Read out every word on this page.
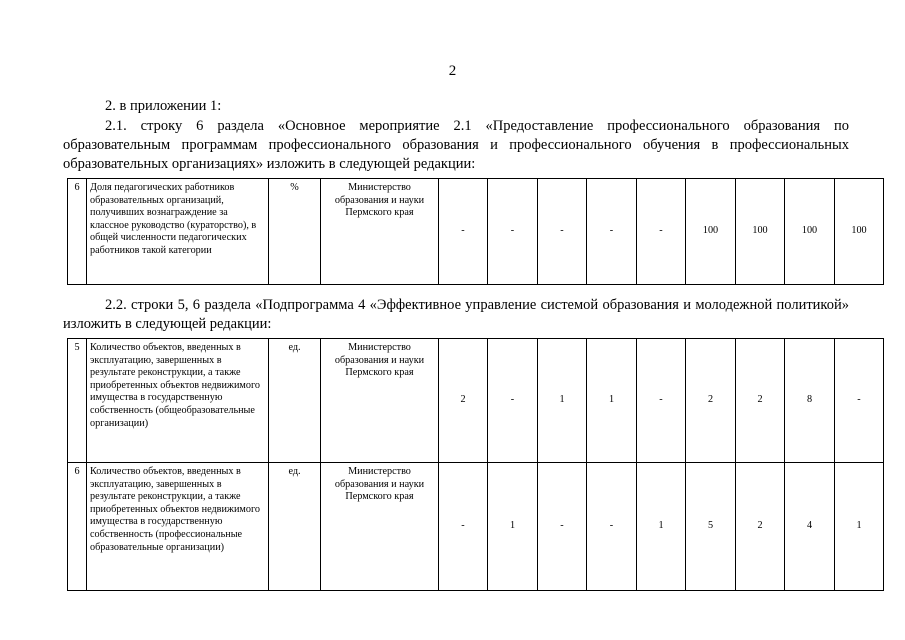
2
2. в приложении 1:
2.1. строку 6 раздела «Основное мероприятие 2.1 «Предоставление профессионального образования по образовательным программам профессионального образования и профессионального обучения в профессиональных образовательных организациях» изложить в следующей редакции:
6	Доля педагогических работников образовательных организаций, получивших вознаграждение за классное руководство (кураторство), в общей численности педагогических работников такой категории	%	Министерство образования и науки Пермского края	-	-	-	-	-	100	100	100	100
2.2. строки 5, 6 раздела «Подпрограмма 4 «Эффективное управление системой образования и молодежной политикой» изложить в следующей редакции:
5	Количество объектов, введенных в эксплуатацию, завершенных в результате реконструкции, а также приобретенных объектов недвижимого имущества в государственную собственность (общеобразовательные организации)	ед.	Министерство образования и науки Пермского края	2	-	1	1	-	2	2	8	-
6	Количество объектов, введенных в эксплуатацию, завершенных в результате реконструкции, а также приобретенных объектов недвижимого имущества в государственную собственность (профессиональные образовательные организации)	ед.	Министерство образования и науки Пермского края	-	1	-	-	1	5	2	4	1
